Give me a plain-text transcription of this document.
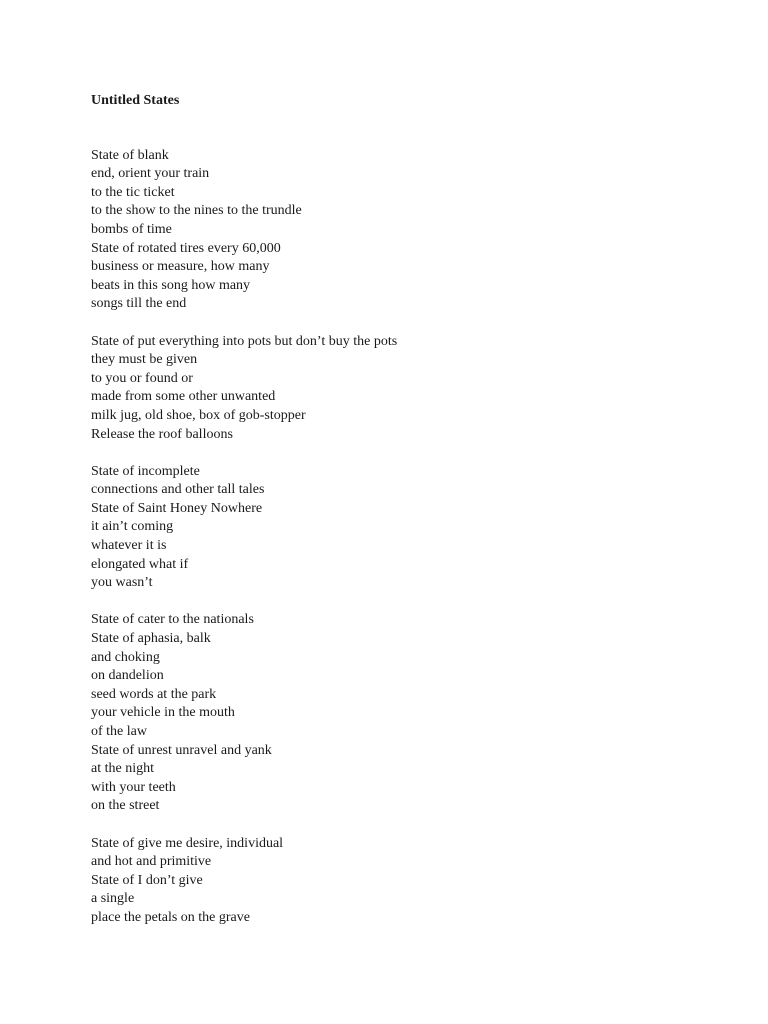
Untitled States
State of blank
end, orient your train
to the tic ticket
to the show to the nines to the trundle
bombs of time
State of rotated tires every 60,000
business or measure, how many
beats in this song how many
songs till the end
State of put everything into pots but don’t buy the pots
they must be given
to you or found or
made from some other unwanted
milk jug, old shoe, box of gob-stopper
Release the roof balloons
State of incomplete
connections and other tall tales
State of Saint Honey Nowhere
it ain’t coming
whatever it is
elongated what if
you wasn’t
State of cater to the nationals
State of aphasia, balk
and choking
on dandelion
seed words at the park
your vehicle in the mouth
of the law
State of unrest unravel and yank
at the night
with your teeth
on the street
State of give me desire, individual
and hot and primitive
State of I don’t give
a single
place the petals on the grave
